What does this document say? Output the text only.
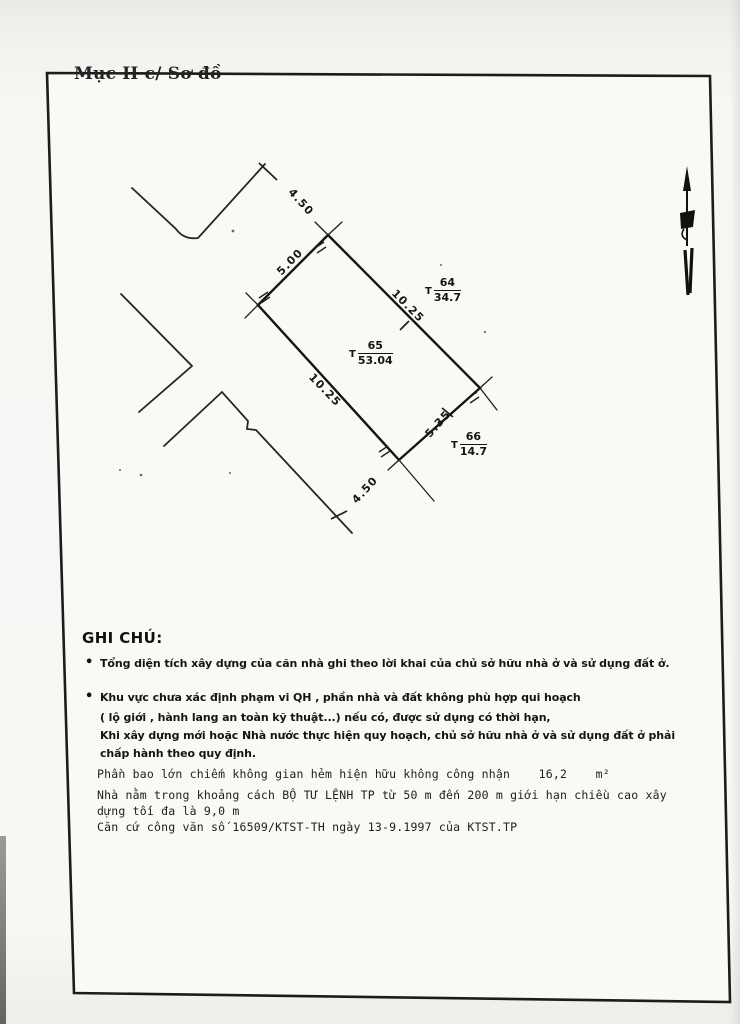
Mục II c/ Sơ đồ
4.50
5.00
10.25
10.25
5.35
4.50
T
64
34.7
T
65
53.04
T
66
14.7
GHI CHÚ:
• Tổng diện tích xây dựng của căn nhà ghi theo lời khai của chủ sở hữu nhà ở và sử dụng đất ở.
• Khu vực chưa xác định phạm vi QH , phần nhà và đất không phù hợp qui hoạch
( lộ giới , hành lang an toàn kỹ thuật...) nếu có, được sử dụng có thời hạn,
Khi xây dựng mới hoặc Nhà nước thực hiện quy hoạch, chủ sở hữu nhà ở và sử dụng đất ở phải
chấp hành theo quy định.
Phần bao lớn chiếm không gian hẻm hiện hữu không công nhận    16,2    m²
Nhà nằm trong khoảng cách BỘ TƯ LỆNH TP từ 50 m đến 200 m giới hạn chiều cao xây
dựng tối đa là 9,0 m
Căn cứ công văn số 16509/KTST-TH ngày 13-9.1997 của KTST.TP
